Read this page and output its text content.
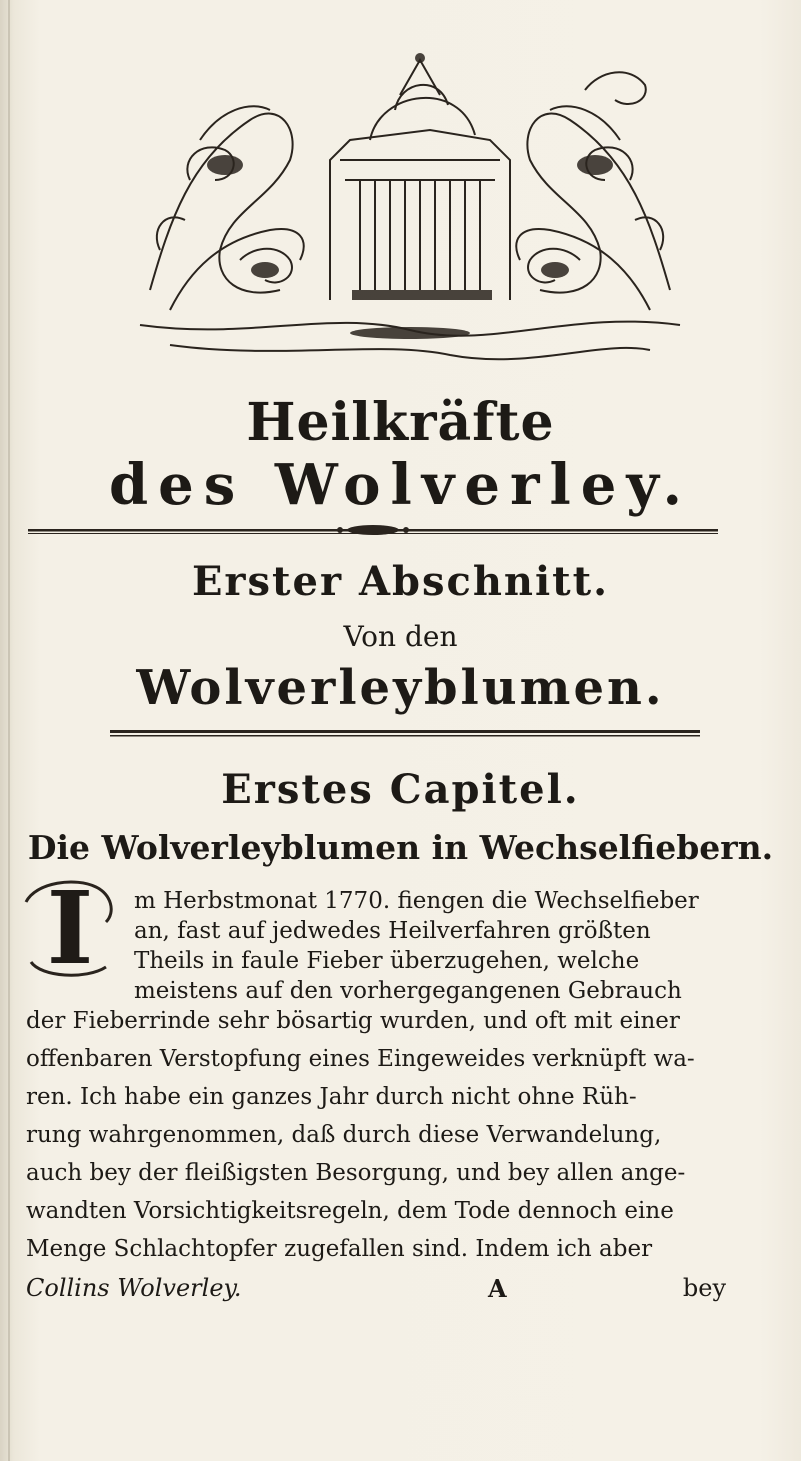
Heilkräfte
des Wolverley.
Erster Abschnitt.

Von den

Wolverleyblumen.
Erstes Capitel.
Die Wolverleyblumen in Wechselfiebern.
I	m Herbstmonat 1770. fiengen die Wechselfieber

an, fast auf jedwedes Heilverfahren größten

Theils in faule Fieber überzugehen, welche

meistens auf den vorhergegangenen Gebrauch

der Fieberrinde sehr bösartig wurden, und oft mit einer

offenbaren Verstopfung eines Eingeweides verknüpft wa-

ren. Ich habe ein ganzes Jahr durch nicht ohne Rüh-

rung wahrgenommen, daß durch diese Verwandelung,

auch bey der fleißigsten Besorgung, und bey allen ange-

wandten Vorsichtigkeitsregeln, dem Tode dennoch eine

Menge Schlachtopfer zugefallen sind. Indem ich aber

Collins Wolverley.	A	bey
